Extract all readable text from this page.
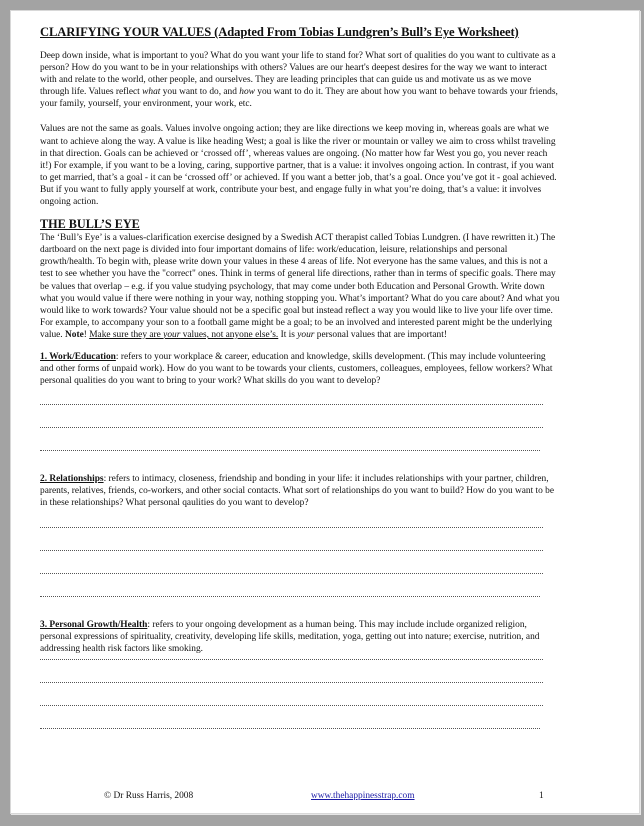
CLARIFYING YOUR VALUES (Adapted From Tobias Lundgren’s Bull’s Eye Worksheet)

Deep down inside, what is important to you? What do you want your life to stand for? What sort of qualities do you want to cultivate as a person? How do you want to be in your relationships with others? Values are our heart's deepest desires for the way we want to interact with and relate to the world, other people, and ourselves. They are leading principles that can guide us and motivate us as we move through life. Values reflect what you want to do, and how you want to do it. They are about how you want to behave towards your friends, your family, yourself, your environment, your work, etc.

Values are not the same as goals. Values involve ongoing action; they are like directions we keep moving in, whereas goals are what we want to achieve along the way. A value is like heading West; a goal is like the river or mountain or valley we aim to cross whilst traveling in that direction. Goals can be achieved or ‘crossed off’, whereas values are ongoing. (No matter how far West you go, you never reach it!) For example, if you want to be a loving, caring, supportive partner, that is a value: it involves ongoing action. In contrast, if you want to get married, that’s a goal - it can be ‘crossed off’ or achieved. If you want a better job, that’s a goal. Once you’ve got it - goal achieved. But if you want to fully apply yourself at work, contribute your best, and engage fully in what you’re doing, that’s a value: it involves ongoing action.

THE BULL’S EYE

The ‘Bull’s Eye’ is a values-clarification exercise designed by a Swedish ACT therapist called Tobias Lundgren. (I have rewritten it.) The dartboard on the next page is divided into four important domains of life: work/education, leisure, relationships and personal growth/health. To begin with, please write down your values in these 4 areas of life. Not everyone has the same values, and this is not a test to see whether you have the "correct" ones. Think in terms of general life directions, rather than in terms of specific goals. There may be values that overlap – e.g. if you value studying psychology, that may come under both Education and Personal Growth. Write down what you would value if there were nothing in your way, nothing stopping you. What’s important? What do you care about? And what you would like to work towards? Your value should not be a specific goal but instead reflect a way you would like to live your life over time. For example, to accompany your son to a football game might be a goal; to be an involved and interested parent might be the underlying value. Note! Make sure they are your values, not anyone else’s. It is your personal values that are important!

1. Work/Education: refers to your workplace & career, education and knowledge, skills development. (This may include volunteering and other forms of unpaid work). How do you want to be towards your clients, customers, colleagues, employees, fellow workers? What personal qualities do you want to bring to your work? What skills do you want to develop?

2. Relationships: refers to intimacy, closeness, friendship and bonding in your life: it includes relationships with your partner, children, parents, relatives, friends, co-workers, and other social contacts. What sort of relationships do you want to build? How do you want to be in these relationships? What personal qaulities do you want to develop?

3. Personal Growth/Health: refers to your ongoing development as a human being. This may include include organized religion, personal expressions of spirituality, creativity, developing life skills, meditation, yoga, getting out into nature; exercise, nutrition, and addressing health risk factors like smoking.

© Dr Russ Harris, 2008	www.thehappinesstrap.com	1
